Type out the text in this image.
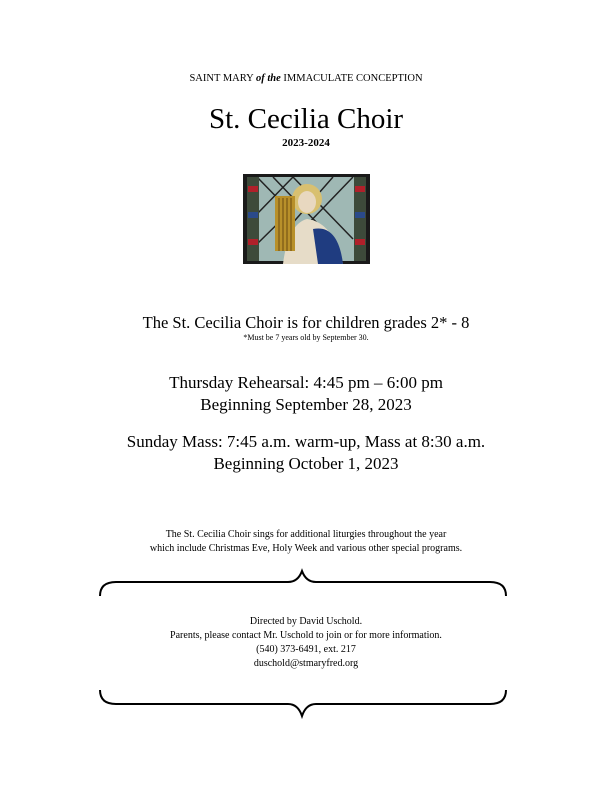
SAINT MARY of the IMMACULATE CONCEPTION
St. Cecilia Choir
2023-2024
The St. Cecilia Choir is for children grades 2* - 8
*Must be 7 years old by September 30.
Thursday Rehearsal: 4:45 pm – 6:00 pm
Beginning September 28, 2023
Sunday Mass: 7:45 a.m. warm-up, Mass at 8:30 a.m.
Beginning October 1, 2023
The St. Cecilia Choir sings for additional liturgies throughout the year
which include Christmas Eve, Holy Week and various other special programs.
Directed by David Uschold.
Parents, please contact Mr. Uschold to join or for more information.
(540) 373-6491, ext. 217
duschold@stmaryfred.org
